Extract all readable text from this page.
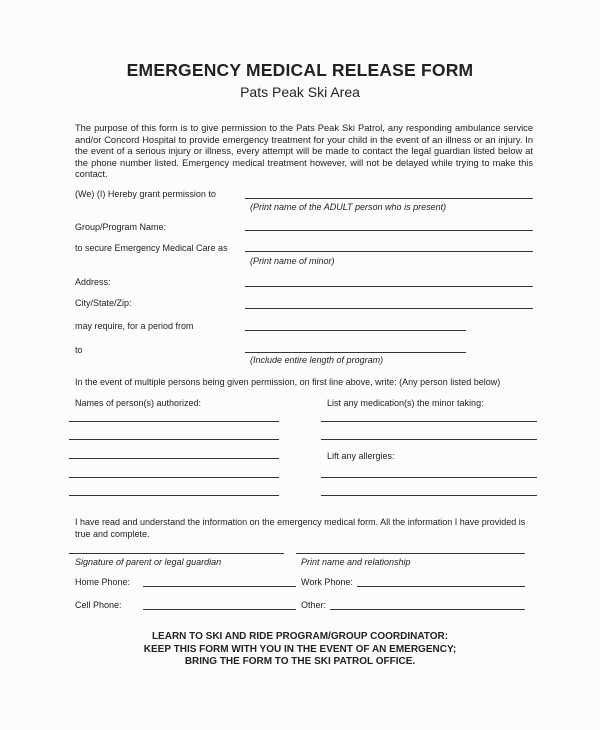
EMERGENCY MEDICAL RELEASE FORM
Pats Peak Ski Area
The purpose of this form is to give permission to the Pats Peak Ski Patrol, any responding ambulance service and/or Concord Hospital to provide emergency treatment for your child in the event of an illness or an injury. In the event of a serious injury or illness, every attempt will be made to contact the legal guardian listed below at the phone number listed. Emergency medical treatment however, will not be delayed while trying to make this contact.
(We) (I) Hereby grant permission to
(Print name of the ADULT person who is present)
Group/Program Name:
to secure Emergency Medical Care as
(Print name of minor)
Address:
City/State/Zip:
may require, for a period from
to
(Include entire length of program)
In the event of multiple persons being given permission, on first line above, write: (Any person listed below)
Names of person(s) authorized:	List any medication(s) the minor taking:
Lift any allergies:
I have read and understand the information on the emergency medical form. All the information I have provided is true and complete.
Signature of parent or legal guardian	Print name and relationship
Home Phone:	Work Phone:
Cell Phone:	Other:
LEARN TO SKI AND RIDE PROGRAM/GROUP COORDINATOR:
KEEP THIS FORM WITH YOU IN THE EVENT OF AN EMERGENCY;
BRING THE FORM TO THE SKI PATROL OFFICE.
